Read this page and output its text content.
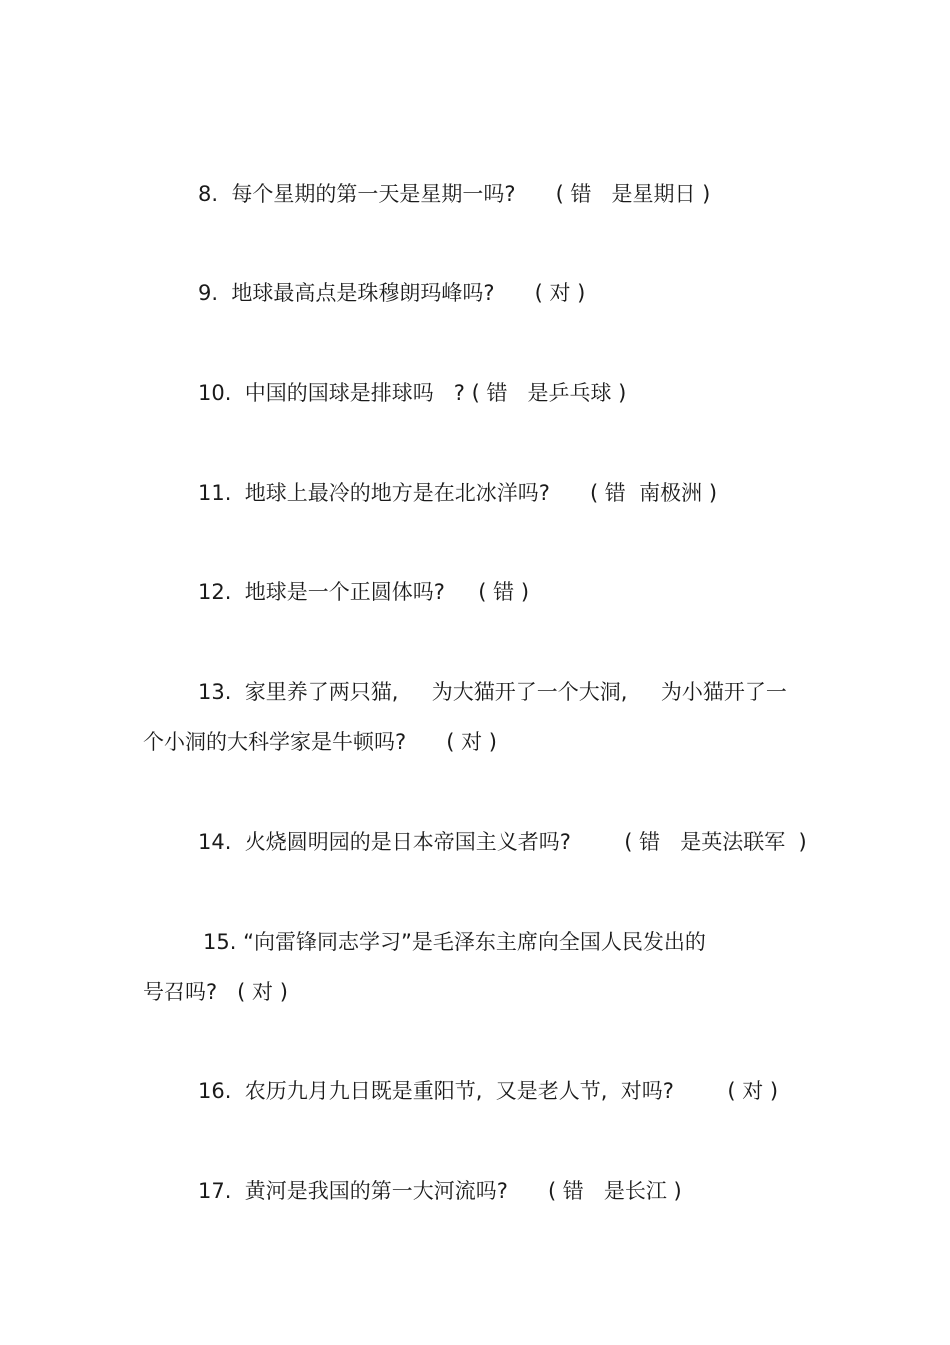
8.  每个星期的第一天是星期一吗?      ( 错   是星期日 )
9.  地球最高点是珠穆朗玛峰吗?      ( 对 )
10.  中国的国球是排球吗   ? ( 错   是乒乓球 )
11.  地球上最冷的地方是在北冰洋吗?      ( 错  南极洲 )
12.  地球是一个正圆体吗?     ( 错 )
13.  家里养了两只猫,     为大猫开了一个大洞,     为小猫开了一
个小洞的大科学家是牛顿吗?      ( 对 )
14.  火烧圆明园的是日本帝国主义者吗?        ( 错   是英法联军  )
15. “向雷锋同志学习”是毛泽东主席向全国人民发出的
号召吗?   ( 对 )
16.  农历九月九日既是重阳节,  又是老人节,  对吗?        ( 对 )
17.  黄河是我国的第一大河流吗?      ( 错   是长江 )
